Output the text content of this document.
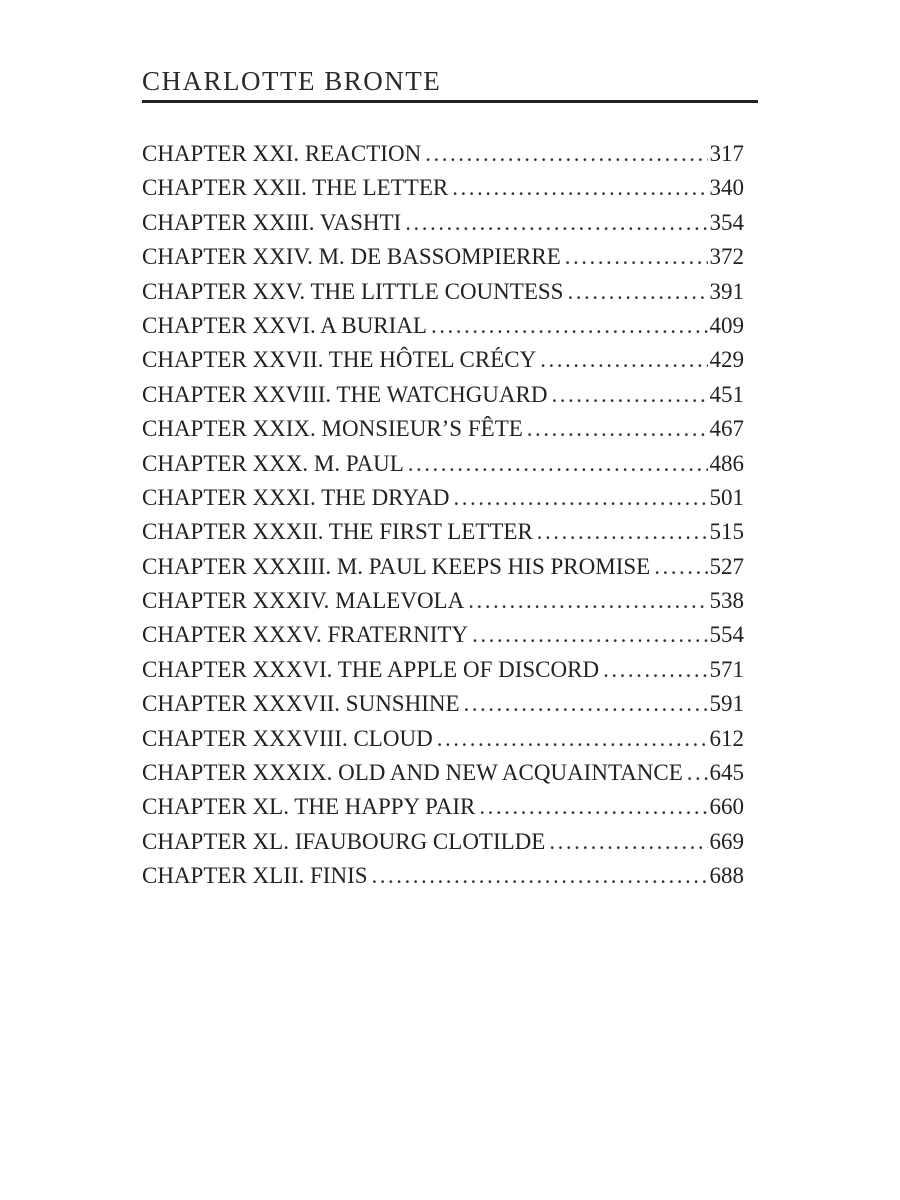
CHARLOTTE BRONTE
CHAPTER XXI. REACTION .....	317
CHAPTER XXII. THE LETTER .....	340
CHAPTER XXIII. VASHTI .....	354
CHAPTER XXIV. M. DE BASSOMPIERRE .....	372
CHAPTER XXV. THE LITTLE COUNTESS .....	391
CHAPTER XXVI. A BURIAL .....	409
CHAPTER XXVII. THE HÔTEL CRÉCY .....	429
CHAPTER XXVIII. THE WATCHGUARD .....	451
CHAPTER XXIX. MONSIEUR’S FÊTE .....	467
CHAPTER XXX. M. PAUL .....	486
CHAPTER XXXI. THE DRYAD .....	501
CHAPTER XXXII. THE FIRST LETTER .....	515
CHAPTER XXXIII. M. PAUL KEEPS HIS PROMISE .....	527
CHAPTER XXXIV. MALEVOLA .....	538
CHAPTER XXXV. FRATERNITY .....	554
CHAPTER XXXVI. THE APPLE OF DISCORD .....	571
CHAPTER XXXVII. SUNSHINE .....	591
CHAPTER XXXVIII. CLOUD .....	612
CHAPTER XXXIX. OLD AND NEW ACQUAINTANCE ..... 645
CHAPTER XL. THE HAPPY PAIR .....	660
CHAPTER XL. IFAUBOURG CLOTILDE .....	669
CHAPTER XLII. FINIS .....	688
